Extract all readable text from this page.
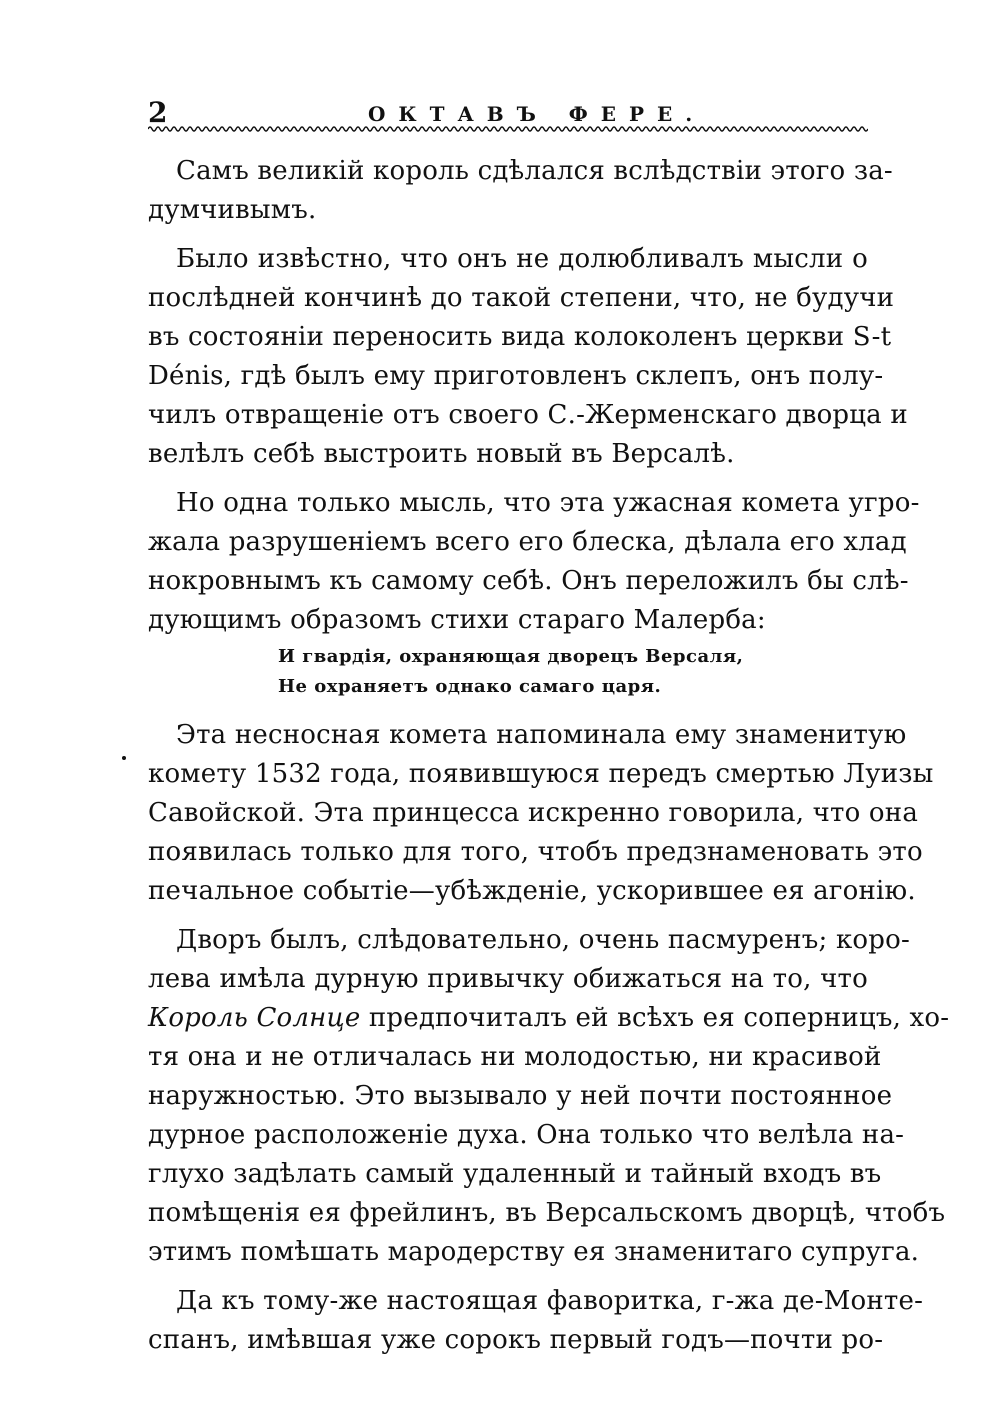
2	ОКТАВЪ ФЕРЕ.
Самъ великій король сдѣлался вслѣдствіи этого за-
думчивымъ.
Было извѣстно, что онъ не долюбливалъ мысли о
послѣдней кончинѣ до такой степени, что, не будучи
въ состояніи переносить вида колоколенъ церкви S-t
Dénis, гдѣ былъ ему приготовленъ склепъ, онъ полу-
чилъ отвращеніе отъ своего С.-Жерменскаго дворца и
велѣлъ себѣ выстроить новый въ Версалѣ.
Но одна только мысль, что эта ужасная комета угро-
жала разрушеніемъ всего его блеска, дѣлала его хлад
нокровнымъ къ самому себѣ. Онъ переложилъ бы слѣ-
дующимъ образомъ стихи стараго Малерба:
И гвардія, охраняющая дворецъ Версаля,
Не охраняетъ однако самаго царя.
Эта несносная комета напоминала ему знаменитую
комету 1532 года, появившуюся передъ смертью Луизы
Савойской. Эта принцесса искренно говорила, что она
появилась только для того, чтобъ предзнаменовать это
печальное событіе—убѣжденіе, ускорившее ея агонію.
Дворъ былъ, слѣдовательно, очень пасмуренъ; коро-
лева имѣла дурную привычку обижаться на то, что
Король Солнце предпочиталъ ей всѣхъ ея соперницъ, хо-
тя она и не отличалась ни молодостью, ни красивой
наружностью. Это вызывало у ней почти постоянное
дурное расположеніе духа. Она только что велѣла на-
глухо задѣлать самый удаленный и тайный входъ въ
помѣщенія ея фрейлинъ, въ Версальскомъ дворцѣ, чтобъ
этимъ помѣшать мародерству ея знаменитаго супруга.
Да къ тому-же настоящая фаворитка, г-жа де-Монте-
спанъ, имѣвшая уже сорокъ первый годъ—почти ро-
